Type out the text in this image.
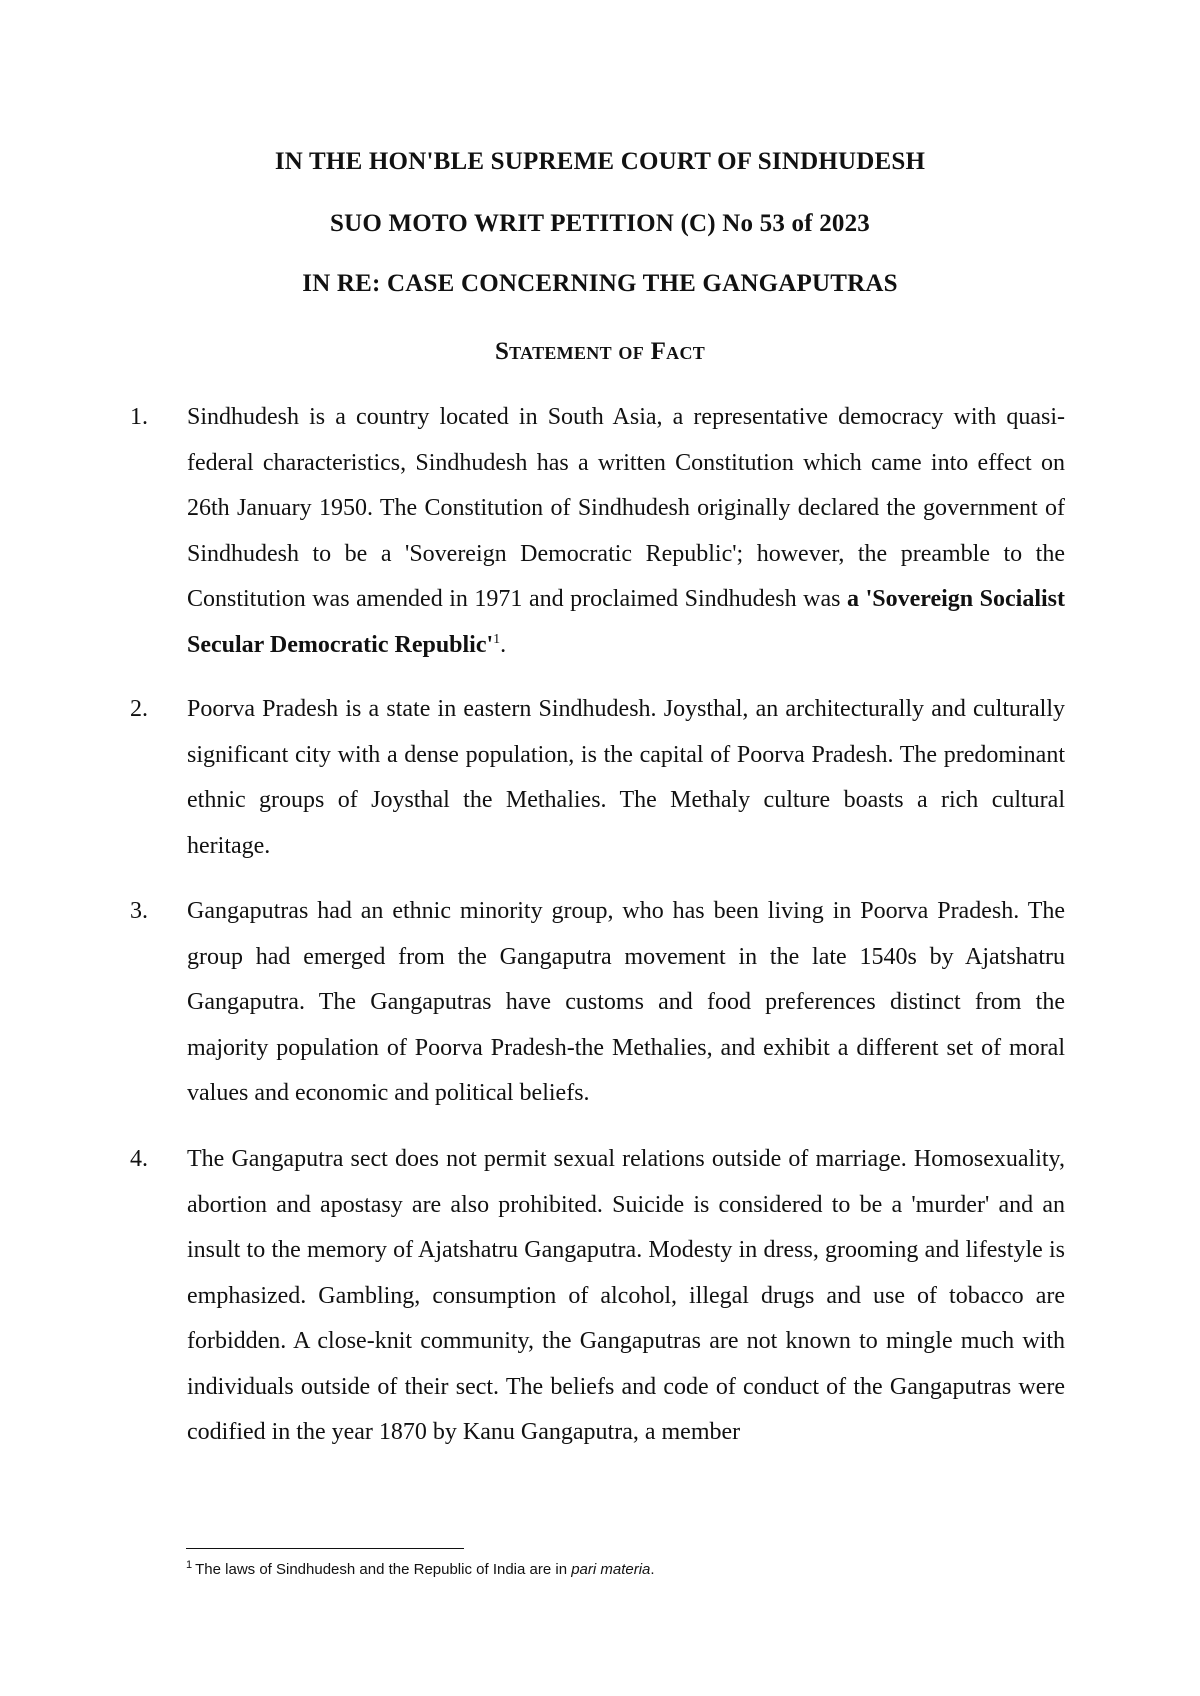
IN THE HON'BLE SUPREME COURT OF SINDHUDESH
SUO MOTO WRIT PETITION (C) No 53 of 2023
IN RE: CASE CONCERNING THE GANGAPUTRAS
Statement of Fact
1. Sindhudesh is a country located in South Asia, a representative democracy with quasi-federal characteristics, Sindhudesh has a written Constitution which came into effect on 26th January 1950. The Constitution of Sindhudesh originally declared the government of Sindhudesh to be a 'Sovereign Democratic Republic'; however, the preamble to the Constitution was amended in 1971 and proclaimed Sindhudesh was a 'Sovereign Socialist Secular Democratic Republic'$^1$.
2. Poorva Pradesh is a state in eastern Sindhudesh. Joysthal, an architecturally and culturally significant city with a dense population, is the capital of Poorva Pradesh. The predominant ethnic groups of Joysthal the Methalies. The Methaly culture boasts a rich cultural heritage.
3. Gangaputras had an ethnic minority group, who has been living in Poorva Pradesh. The group had emerged from the Gangaputra movement in the late 1540s by Ajatshatru Gangaputra. The Gangaputras have customs and food preferences distinct from the majority population of Poorva Pradesh-the Methalies, and exhibit a different set of moral values and economic and political beliefs.
4. The Gangaputra sect does not permit sexual relations outside of marriage. Homosexuality, abortion and apostasy are also prohibited. Suicide is considered to be a 'murder' and an insult to the memory of Ajatshatru Gangaputra. Modesty in dress, grooming and lifestyle is emphasized. Gambling, consumption of alcohol, illegal drugs and use of tobacco are forbidden. A close-knit community, the Gangaputras are not known to mingle much with individuals outside of their sect. The beliefs and code of conduct of the Gangaputras were codified in the year 1870 by Kanu Gangaputra, a member
$^1$ The laws of Sindhudesh and the Republic of India are in pari materia.
